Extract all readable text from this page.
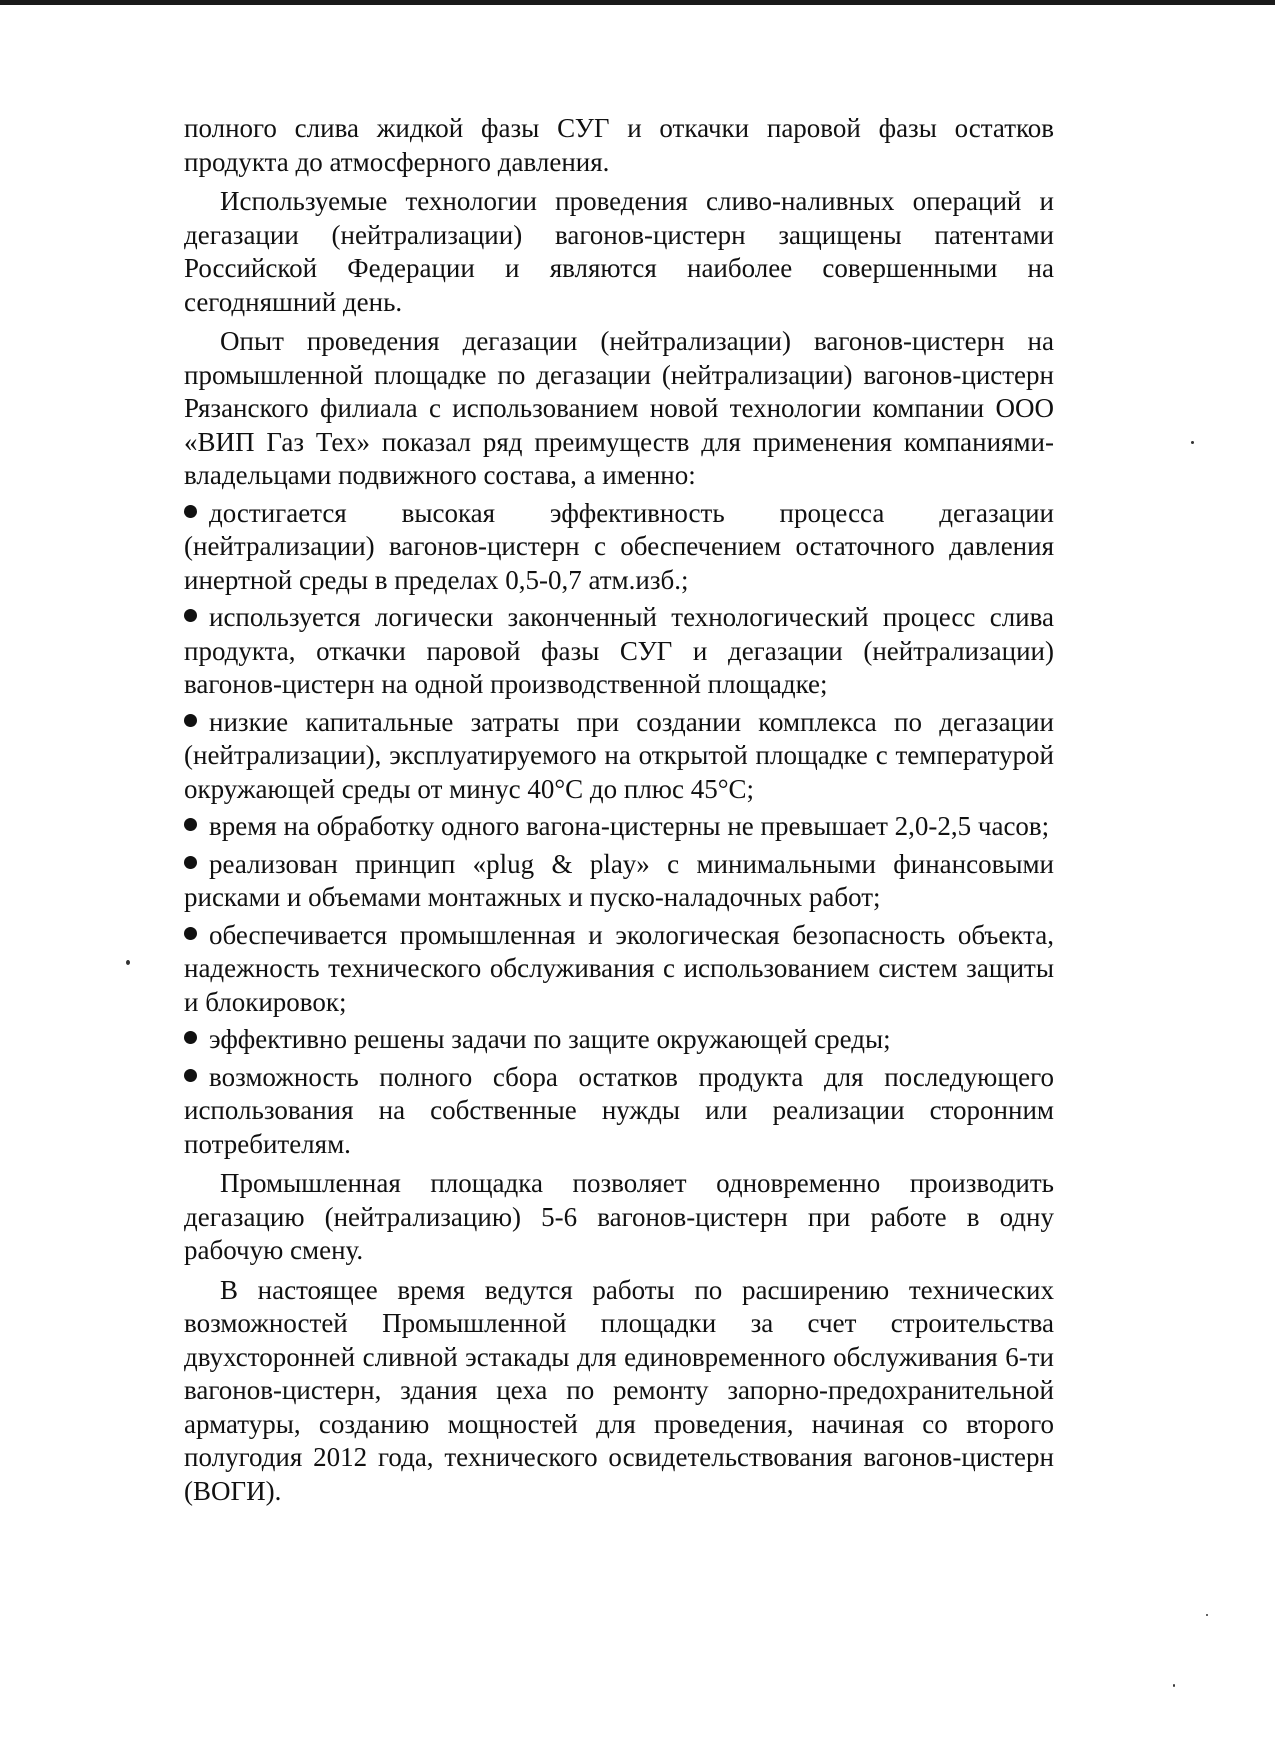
полного слива жидкой фазы СУГ и откачки паровой фазы остатков продукта до атмосферного давления.

Используемые технологии проведения сливо-наливных операций и дегазации (нейтрализации) вагонов-цистерн защищены патентами Российской Федерации и являются наиболее совершенными на сегодняшний день.

Опыт проведения дегазации (нейтрализации) вагонов-цистерн на промышленной площадке по дегазации (нейтрализации) вагонов-цистерн Рязанского филиала с использованием новой технологии компании ООО «ВИП Газ Тех» показал ряд преимуществ для применения компаниями-владельцами подвижного состава, а именно:

достигается высокая эффективность процесса дегазации (нейтрализации) вагонов-цистерн с обеспечением остаточного давления инертной среды в пределах 0,5-0,7 атм.изб.;

используется логически законченный технологический процесс слива продукта, откачки паровой фазы СУГ и дегазации (нейтрализации) вагонов-цистерн на одной производственной площадке;

низкие капитальные затраты при создании комплекса по дегазации (нейтрализации), эксплуатируемого на открытой площадке с температурой окружающей среды от минус 40°С до плюс 45°С;

время на обработку одного вагона-цистерны не превышает 2,0-2,5 часов;

реализован принцип «plug & play» с минимальными финансовыми рисками и объемами монтажных и пуско-наладочных работ;

обеспечивается промышленная и экологическая безопасность объекта, надежность технического обслуживания с использованием систем защиты и блокировок;

эффективно решены задачи по защите окружающей среды;

возможность полного сбора остатков продукта для последующего использования на собственные нужды или реализации сторонним потребителям.

Промышленная площадка позволяет одновременно производить дегазацию (нейтрализацию) 5-6 вагонов-цистерн при работе в одну рабочую смену.

В настоящее время ведутся работы по расширению технических возможностей Промышленной площадки за счет строительства двухсторонней сливной эстакады для единовременного обслуживания 6-ти вагонов-цистерн, здания цеха по ремонту запорно-предохранительной арматуры, созданию мощностей для проведения, начиная со второго полугодия 2012 года, технического освидетельствования вагонов-цистерн (ВОГИ).
